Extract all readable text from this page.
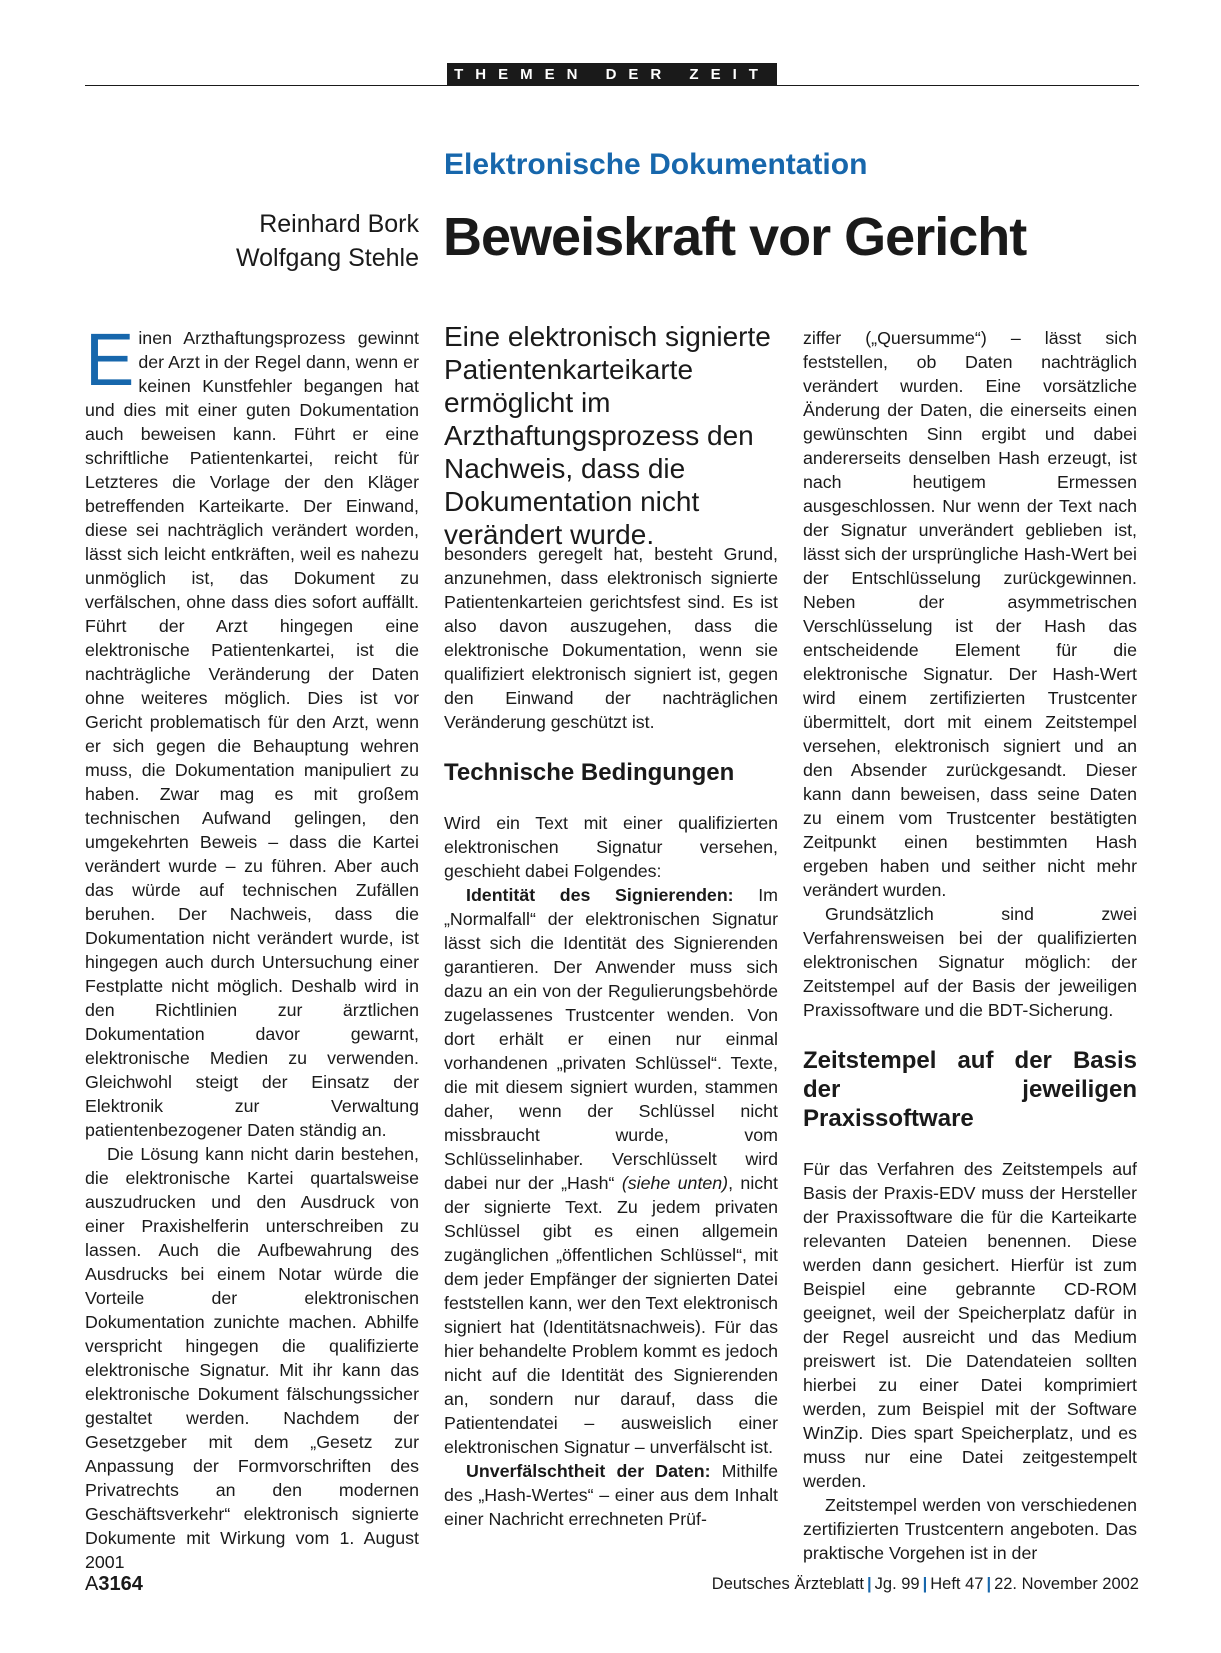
THEMEN DER ZEIT
Elektronische Dokumentation
Reinhard Bork
Wolfgang Stehle Beweiskraft vor Gericht

Einen Arzthaftungsprozess gewinnt der Arzt in der Regel dann, wenn er keinen Kunstfehler begangen hat und dies mit einer guten Dokumentation auch beweisen kann. Führt er eine schriftliche Patientenkartei, reicht für Letzteres die Vorlage der den Kläger betreffenden Karteikarte. Der Einwand, diese sei nachträglich verändert worden, lässt sich leicht entkräften, weil es nahezu unmöglich ist, das Dokument zu verfälschen, ohne dass dies sofort auffällt. Führt der Arzt hingegen eine elektronische Patientenkartei, ist die nachträgliche Veränderung der Daten ohne weiteres möglich. Dies ist vor Gericht problematisch für den Arzt, wenn er sich gegen die Behauptung wehren muss, die Dokumentation manipuliert zu haben. Zwar mag es mit großem technischen Aufwand gelingen, den umgekehrten Beweis – dass die Kartei verändert wurde – zu führen. Aber auch das würde auf technischen Zufällen beruhen. Der Nachweis, dass die Dokumentation nicht verändert wurde, ist hingegen auch durch Untersuchung einer Festplatte nicht möglich. Deshalb wird in den Richtlinien zur ärztlichen Dokumentation davor gewarnt, elektronische Medien zu verwenden. Gleichwohl steigt der Einsatz der Elektronik zur Verwaltung patientenbezogener Daten ständig an.

Die Lösung kann nicht darin bestehen, die elektronische Kartei quartalsweise auszudrucken und den Ausdruck von einer Praxishelferin unterschreiben zu lassen. Auch die Aufbewahrung des Ausdrucks bei einem Notar würde die Vorteile der elektronischen Dokumentation zunichte machen. Abhilfe verspricht hingegen die qualifizierte elektronische Signatur. Mit ihr kann das elektronische Dokument fälschungssicher gestaltet werden. Nachdem der Gesetzgeber mit dem „Gesetz zur Anpassung der Formvorschriften des Privatrechts an den modernen Geschäftsverkehr“ elektronisch signierte Dokumente mit Wirkung vom 1. August 2001

Eine elektronisch signierte Patientenkarteikarte ermöglicht im Arzthaftungsprozess den Nachweis, dass die Dokumentation nicht verändert wurde.

besonders geregelt hat, besteht Grund, anzunehmen, dass elektronisch signierte Patientenkarteien gerichtsfest sind. Es ist also davon auszugehen, dass die elektronische Dokumentation, wenn sie qualifiziert elektronisch signiert ist, gegen den Einwand der nachträglichen Veränderung geschützt ist.

Technische Bedingungen

Wird ein Text mit einer qualifizierten elektronischen Signatur versehen, geschieht dabei Folgendes:

Identität des Signierenden: Im „Normalfall“ der elektronischen Signatur lässt sich die Identität des Signierenden garantieren. Der Anwender muss sich dazu an ein von der Regulierungsbehörde zugelassenes Trustcenter wenden. Von dort erhält er einen nur einmal vorhandenen „privaten Schlüssel“. Texte, die mit diesem signiert wurden, stammen daher, wenn der Schlüssel nicht missbraucht wurde, vom Schlüsselinhaber. Verschlüsselt wird dabei nur der „Hash“ (siehe unten), nicht der signierte Text. Zu jedem privaten Schlüssel gibt es einen allgemein zugänglichen „öffentlichen Schlüssel“, mit dem jeder Empfänger der signierten Datei feststellen kann, wer den Text elektronisch signiert hat (Identitätsnachweis). Für das hier behandelte Problem kommt es jedoch nicht auf die Identität des Signierenden an, sondern nur darauf, dass die Patientendatei – ausweislich einer elektronischen Signatur – unverfälscht ist.

Unverfälschtheit der Daten: Mithilfe des „Hash-Wertes“ – einer aus dem Inhalt einer Nachricht errechneten Prüf-

ziffer („Quersumme“) – lässt sich feststellen, ob Daten nachträglich verändert wurden. Eine vorsätzliche Änderung der Daten, die einerseits einen gewünschten Sinn ergibt und dabei andererseits denselben Hash erzeugt, ist nach heutigem Ermessen ausgeschlossen. Nur wenn der Text nach der Signatur unverändert geblieben ist, lässt sich der ursprüngliche Hash-Wert bei der Entschlüsselung zurückgewinnen. Neben der asymmetrischen Verschlüsselung ist der Hash das entscheidende Element für die elektronische Signatur. Der Hash-Wert wird einem zertifizierten Trustcenter übermittelt, dort mit einem Zeitstempel versehen, elektronisch signiert und an den Absender zurückgesandt. Dieser kann dann beweisen, dass seine Daten zu einem vom Trustcenter bestätigten Zeitpunkt einen bestimmten Hash ergeben haben und seither nicht mehr verändert wurden.

Grundsätzlich sind zwei Verfahrensweisen bei der qualifizierten elektronischen Signatur möglich: der Zeitstempel auf der Basis der jeweiligen Praxissoftware und die BDT-Sicherung.

Zeitstempel auf der Basis der jeweiligen Praxissoftware

Für das Verfahren des Zeitstempels auf Basis der Praxis-EDV muss der Hersteller der Praxissoftware die für die Karteikarte relevanten Dateien benennen. Diese werden dann gesichert. Hierfür ist zum Beispiel eine gebrannte CD-ROM geeignet, weil der Speicherplatz dafür in der Regel ausreicht und das Medium preiswert ist. Die Datendateien sollten hierbei zu einer Datei komprimiert werden, zum Beispiel mit der Software WinZip. Dies spart Speicherplatz, und es muss nur eine Datei zeitgestempelt werden.

Zeitstempel werden von verschiedenen zertifizierten Trustcentern angeboten. Das praktische Vorgehen ist in der

A3164	Deutsches Ärzteblatt | Jg. 99 | Heft 47 | 22. November 2002
